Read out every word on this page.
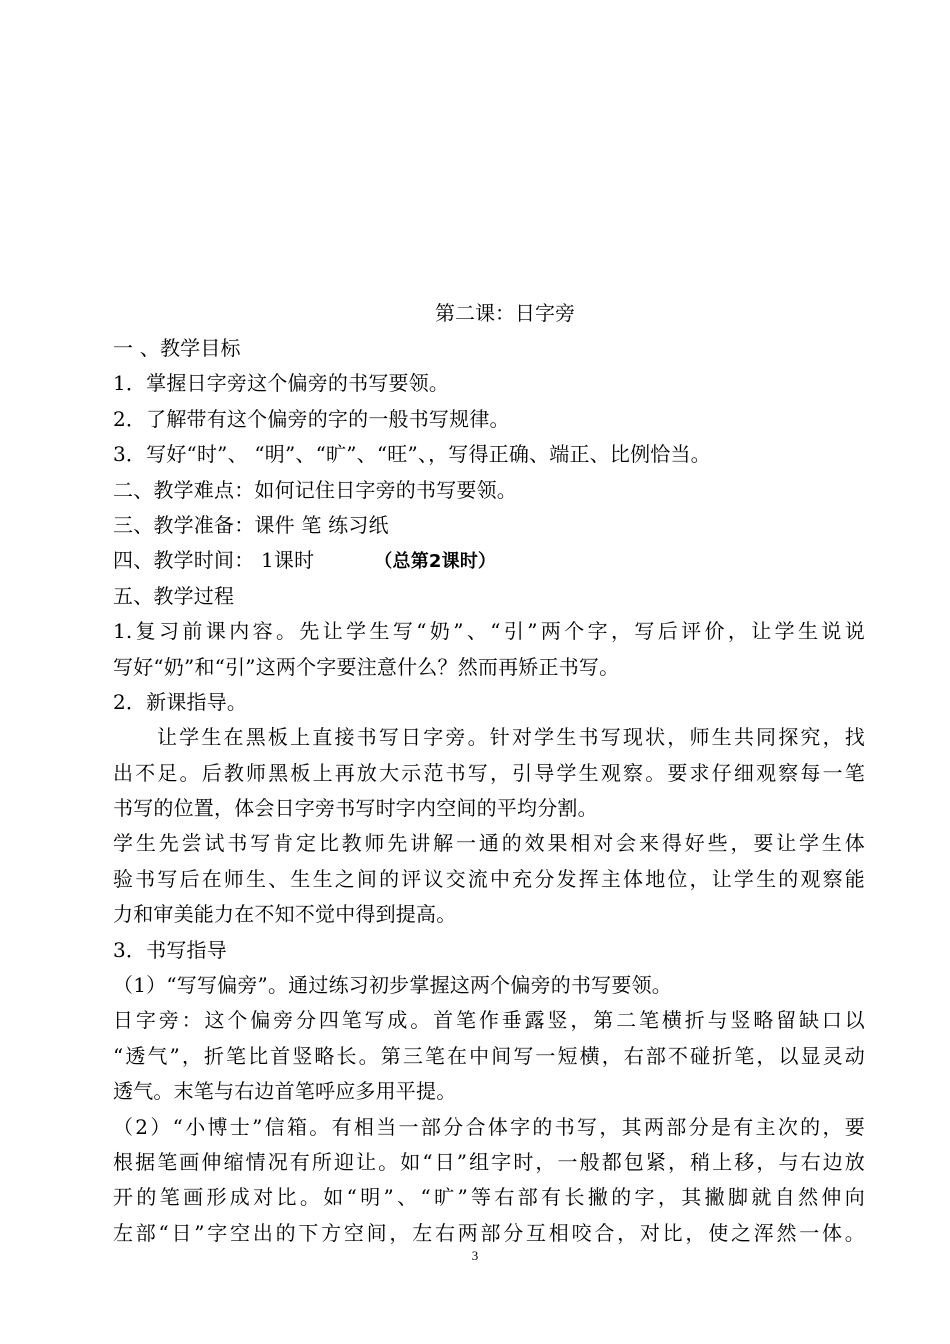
第二课：日字旁
一 、教学目标
1．掌握日字旁这个偏旁的书写要领。
2．了解带有这个偏旁的字的一般书写规律。
3．写好“时”、 “明”、“旷”、“旺”、，写得正确、端正、比例恰当。
二、教学难点：如何记住日字旁的书写要领。
三、教学准备：课件 笔 练习纸
四、教学时间： 1课时	（总第2课时）
五、教学过程
1.复习前课内容。先让学生写“奶”、“引”两个字，写后评价，让学生说说
写好“奶”和“引”这两个字要注意什么？然而再矫正书写。
2．新课指导。
让学生在黑板上直接书写日字旁。针对学生书写现状，师生共同探究，找
出不足。后教师黑板上再放大示范书写，引导学生观察。要求仔细观察每一笔
书写的位置，体会日字旁书写时字内空间的平均分割。
学生先尝试书写肯定比教师先讲解一通的效果相对会来得好些，要让学生体
验书写后在师生、生生之间的评议交流中充分发挥主体地位，让学生的观察能
力和审美能力在不知不觉中得到提高。
3．书写指导
（1）“写写偏旁”。通过练习初步掌握这两个偏旁的书写要领。
日字旁：这个偏旁分四笔写成。首笔作垂露竖，第二笔横折与竖略留缺口以
“透气”，折笔比首竖略长。第三笔在中间写一短横，右部不碰折笔，以显灵动
透气。末笔与右边首笔呼应多用平提。
（2）“小博士”信箱。有相当一部分合体字的书写，其两部分是有主次的，要
根据笔画伸缩情况有所迎让。如“日”组字时，一般都包紧，稍上移，与右边放
开的笔画形成对比。如“明”、“旷”等右部有长撇的字，其撇脚就自然伸向
左部“日”字空出的下方空间，左右两部分互相咬合，对比，使之浑然一体。
3
